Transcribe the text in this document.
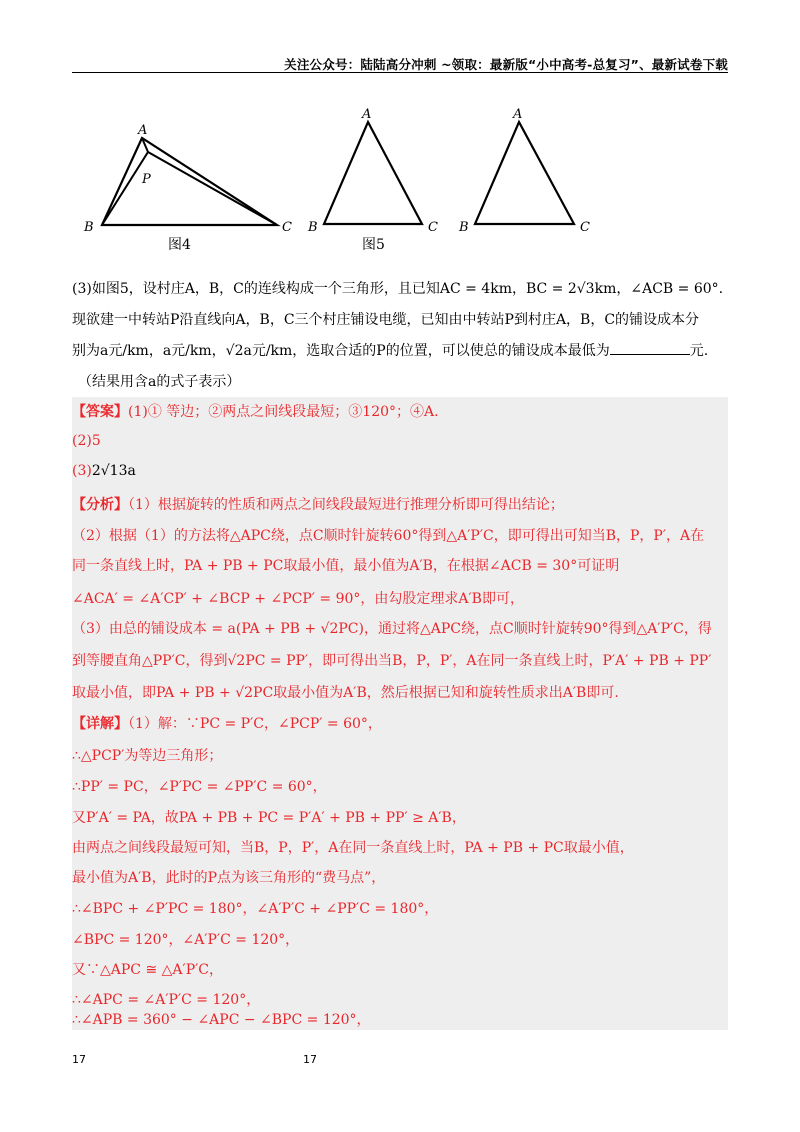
关注公众号：陆陆高分冲刺 ~领取：最新版“小中高考-总复习”、最新试卷下载
A
P
B	C
图4
A
B	C
图5
A
B	C

(3)如图5，设村庄A，B，C的连线构成一个三角形，且已知AC = 4km，BC = 2√3km，∠ACB = 60°.

现欲建一中转站P沿直线向A，B，C三个村庄铺设电缆，已知由中转站P到村庄A，B，C的铺设成本分

别为a元/km，a元/km，√2a元/km，选取合适的P的位置，可以使总的铺设成本最低为	元.

（结果用含a的式子表示）

【答案】(1)① 等边；②两点之间线段最短；③120°；④A.

(2)5

(3)2√13a

【分析】（1）根据旋转的性质和两点之间线段最短进行推理分析即可得出结论；

（2）根据（1）的方法将△APC绕，点C顺时针旋转60°得到△A′P′C，即可得出可知当B，P，P′，A在

同一条直线上时，PA + PB + PC取最小值，最小值为A′B，在根据∠ACB = 30°可证明

∠ACA′ = ∠A′CP′ + ∠BCP + ∠PCP′ = 90°，由勾股定理求A′B即可，

（3）由总的铺设成本 = a(PA + PB + √2PC)，通过将△APC绕，点C顺时针旋转90°得到△A′P′C，得

到等腰直角△PP′C，得到√2PC = PP′，即可得出当B，P，P′，A在同一条直线上时，P′A′ + PB + PP′

取最小值，即PA + PB + √2PC取最小值为A′B，然后根据已知和旋转性质求出A′B即可.

【详解】（1）解：∵PC = P′C，∠PCP′ = 60°，

∴△PCP′为等边三角形；

∴PP′ = PC，∠P′PC = ∠PP′C = 60°，

又P′A′ = PA，故PA + PB + PC = P′A′ + PB + PP′ ≥ A′B，

由两点之间线段最短可知，当B，P，P′，A在同一条直线上时，PA + PB + PC取最小值，

最小值为A′B，此时的P点为该三角形的“费马点”，

∴∠BPC + ∠P′PC = 180°，∠A′P′C + ∠PP′C = 180°，

∠BPC = 120°，∠A′P′C = 120°，

又∵△APC ≅ △A′P′C，

∴∠APC = ∠A′P′C = 120°，

∴∠APB = 360° − ∠APC − ∠BPC = 120°，

17	17
